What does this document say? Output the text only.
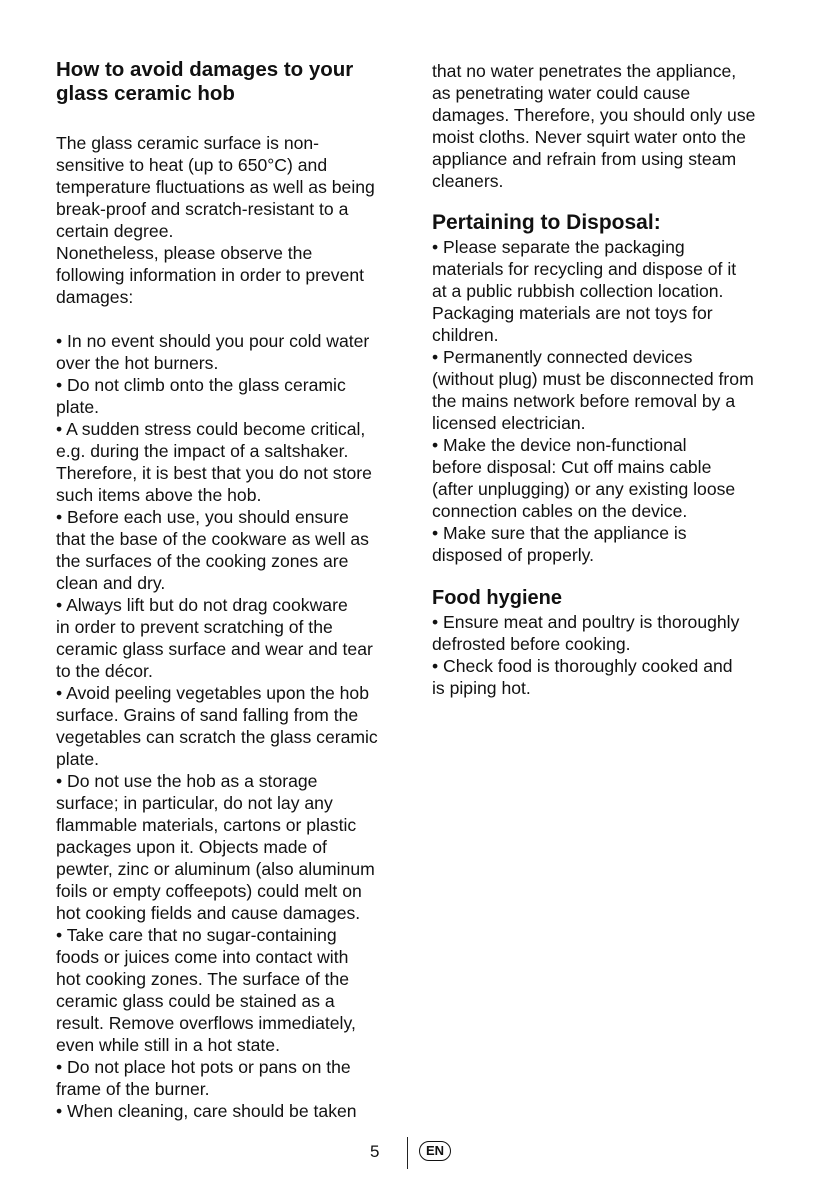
How to avoid damages to your
glass ceramic hob
The glass ceramic surface is non-
sensitive to heat (up to 650°C) and
temperature fluctuations as well as being
break-proof and scratch-resistant to a
certain degree.
Nonetheless, please observe the
following information in order to prevent
damages:
• In no event should you pour cold water
over the hot burners.
• Do not climb onto the glass ceramic
plate.
• A sudden stress could become critical,
e.g. during the impact of a saltshaker.
Therefore, it is best that you do not store
such items above the hob.
• Before each use, you should ensure
that the base of the cookware as well as
the surfaces of the cooking zones are
clean and dry.
• Always lift but do not drag cookware
in order to prevent scratching of the
ceramic glass surface and wear and tear
to the décor.
• Avoid peeling vegetables upon the hob
surface. Grains of sand falling from the
vegetables can scratch the glass ceramic
plate.
• Do not use the hob as a storage
surface; in particular, do not lay any
flammable materials, cartons or plastic
packages upon it. Objects made of
pewter, zinc or aluminum (also aluminum
foils or empty coffeepots) could melt on
hot cooking fields and cause damages.
• Take care that no sugar-containing
foods or juices come into contact with
hot cooking zones. The surface of the
ceramic glass could be stained as a
result. Remove overflows immediately,
even while still in a hot state.
• Do not place hot pots or pans on the
frame of the burner.
• When cleaning, care should be taken
that no water penetrates the appliance,
as penetrating water could cause
damages. Therefore, you should only use
moist cloths. Never squirt water onto the
appliance and refrain from using steam
cleaners.
Pertaining to Disposal:
• Please separate the packaging
materials for recycling and dispose of it
at a public rubbish collection location.
Packaging materials are not toys for
children.
• Permanently connected devices
(without plug) must be disconnected from
the mains network before removal by a
licensed electrician.
• Make the device non-functional
before disposal: Cut off mains cable
(after unplugging) or any existing loose
connection cables on the device.
• Make sure that the appliance is
disposed of properly.
Food hygiene
• Ensure meat and poultry is thoroughly
defrosted before cooking.
• Check food is thoroughly cooked and
is piping hot.
5	EN
